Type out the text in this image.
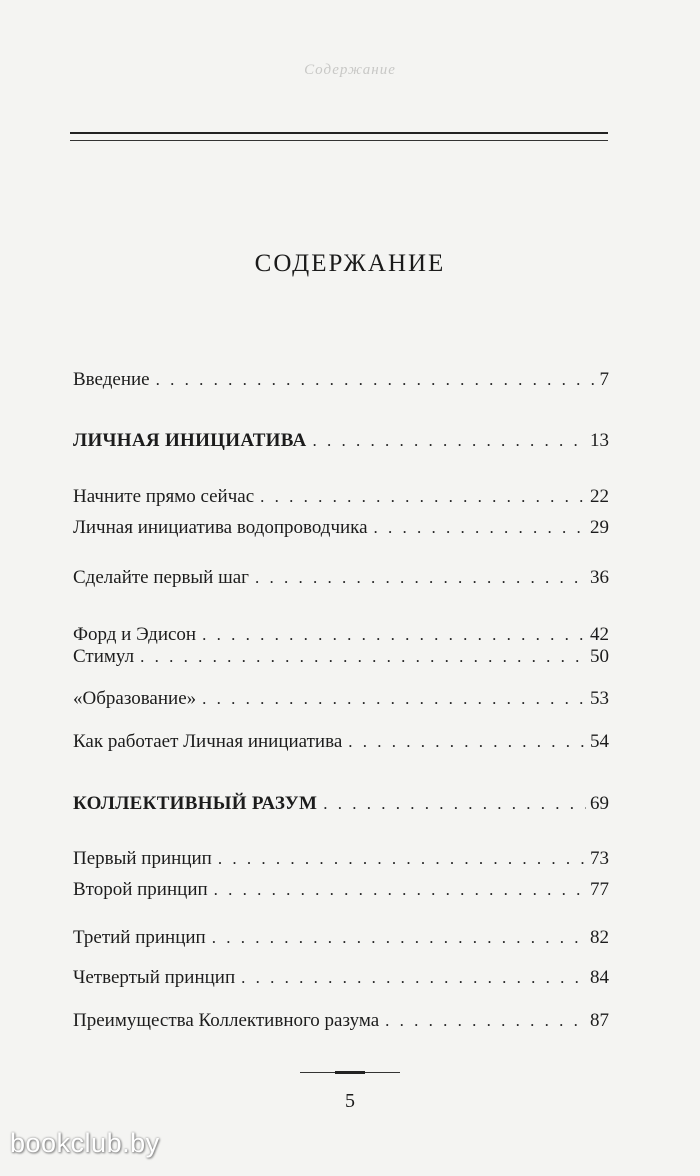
Содержание
СОДЕРЖАНИЕ
Введение . . .	7
ЛИЧНАЯ ИНИЦИАТИВА . . .	13
Начните прямо сейчас . . .	22
Личная инициатива водопроводчика . . .	29
Сделайте первый шаг . . .	36
Форд и Эдисон . . .	42
Стимул . . .	50
«Образование» . . .	53
Как работает Личная инициатива . . .	54
КОЛЛЕКТИВНЫЙ РАЗУМ . . .	69
Первый принцип . . .	73
Второй принцип . . .	77
Третий принцип . . .	82
Четвертый принцип . . .	84
Преимущества Коллективного разума . . .	87
5
bookclub.by
